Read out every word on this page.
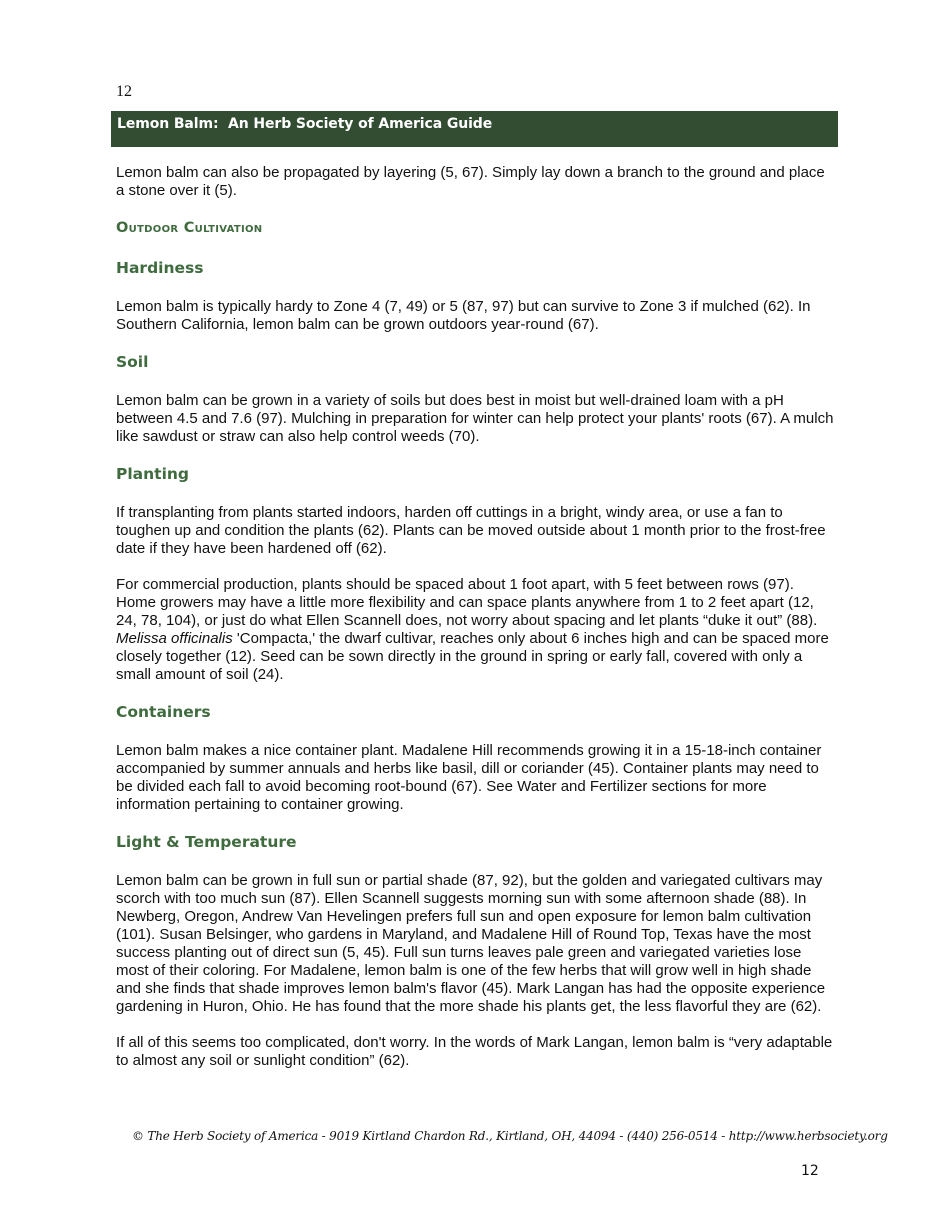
12
Lemon Balm:  An Herb Society of America Guide

Lemon balm can also be propagated by layering (5, 67). Simply lay down a branch to the ground and place a stone over it (5).

Outdoor Cultivation
Hardiness

Lemon balm is typically hardy to Zone 4 (7, 49) or 5 (87, 97) but can survive to Zone 3 if mulched (62). In Southern California, lemon balm can be grown outdoors year-round (67).

Soil

Lemon balm can be grown in a variety of soils but does best in moist but well-drained loam with a pH between 4.5 and 7.6 (97). Mulching in preparation for winter can help protect your plants' roots (67). A mulch like sawdust or straw can also help control weeds (70).

Planting

If transplanting from plants started indoors, harden off cuttings in a bright, windy area, or use a fan to toughen up and condition the plants (62). Plants can be moved outside about 1 month prior to the frost-free date if they have been hardened off (62).

For commercial production, plants should be spaced about 1 foot apart, with 5 feet between rows (97). Home growers may have a little more flexibility and can space plants anywhere from 1 to 2 feet apart (12, 24, 78, 104), or just do what Ellen Scannell does, not worry about spacing and let plants “duke it out” (88). Melissa officinalis 'Compacta,' the dwarf cultivar, reaches only about 6 inches high and can be spaced more closely together (12). Seed can be sown directly in the ground in spring or early fall, covered with only a small amount of soil (24).

Containers

Lemon balm makes a nice container plant. Madalene Hill recommends growing it in a 15-18-inch container accompanied by summer annuals and herbs like basil, dill or coriander (45). Container plants may need to be divided each fall to avoid becoming root-bound (67). See Water and Fertilizer sections for more information pertaining to container growing.

Light & Temperature

Lemon balm can be grown in full sun or partial shade (87, 92), but the golden and variegated cultivars may scorch with too much sun (87). Ellen Scannell suggests morning sun with some afternoon shade (88). In Newberg, Oregon, Andrew Van Hevelingen prefers full sun and open exposure for lemon balm cultivation (101). Susan Belsinger, who gardens in Maryland, and Madalene Hill of Round Top, Texas have the most success planting out of direct sun (5, 45). Full sun turns leaves pale green and variegated varieties lose most of their coloring. For Madalene, lemon balm is one of the few herbs that will grow well in high shade and she finds that shade improves lemon balm's flavor (45). Mark Langan has had the opposite experience gardening in Huron, Ohio. He has found that the more shade his plants get, the less flavorful they are (62).

If all of this seems too complicated, don't worry. In the words of Mark Langan, lemon balm is “very adaptable to almost any soil or sunlight condition” (62).

© The Herb Society of America - 9019 Kirtland Chardon Rd., Kirtland, OH, 44094 - (440) 256-0514 - http://www.herbsociety.org
12
